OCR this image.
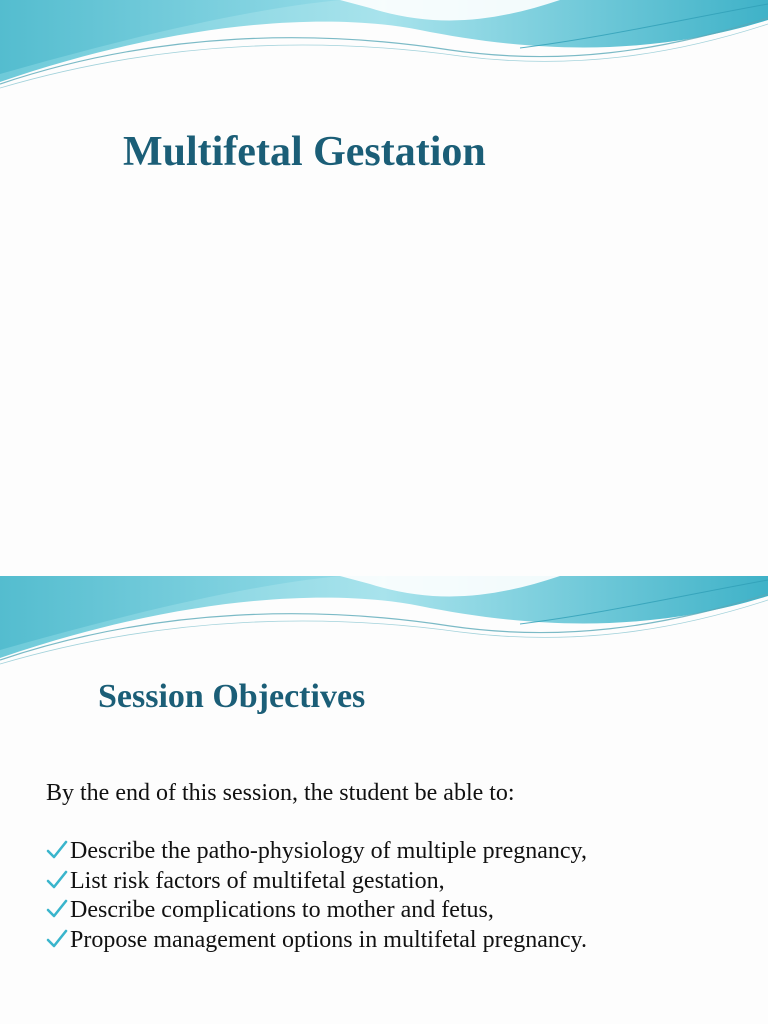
Multifetal Gestation
Session Objectives

By the end of this session, the student be able to:

Describe the patho-physiology of multiple pregnancy,
List risk factors of multifetal gestation,
Describe complications to mother and fetus,
Propose management options in multifetal pregnancy.
